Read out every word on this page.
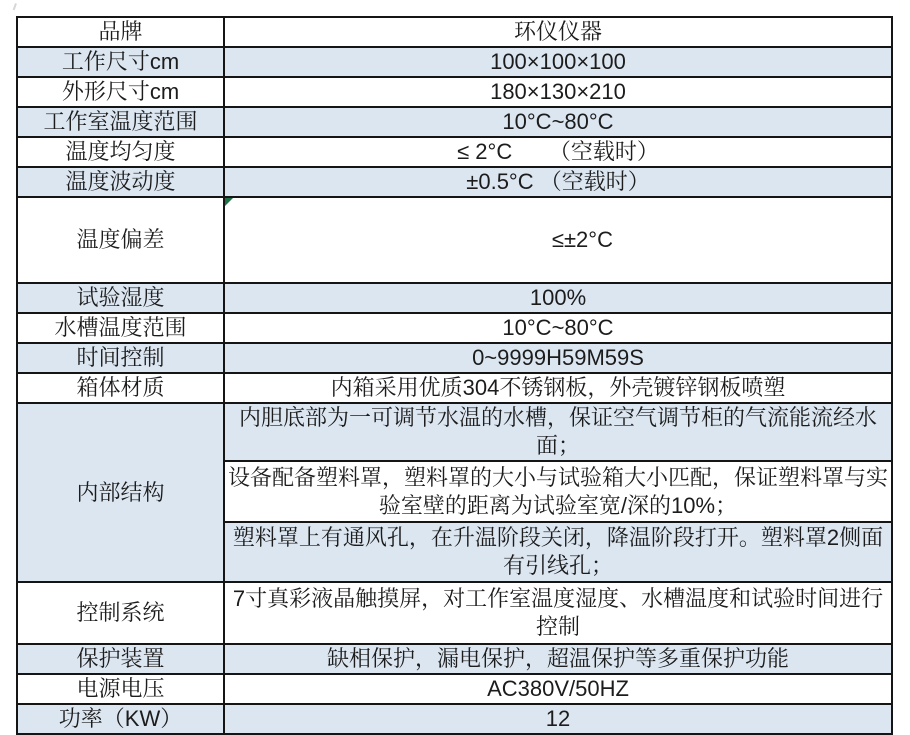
品牌	环仪仪器
工作尺寸cm	100×100×100
外形尺寸cm	180×130×210
工作室温度范围	10°C~80°C
温度均匀度	≤ 2°C      （空载时）
温度波动度	±0.5°C （空载时）
温度偏差	≤±2°C

试验湿度	100%
水槽温度范围	10°C~80°C
时间控制	0~9999H59M59S
箱体材质	内箱采用优质304不锈钢板，外壳镀锌钢板喷塑
内部结构	内胆底部为一可调节水温的水槽，保证空气调节柜的气流能流经水面；
	设备配备塑料罩，塑料罩的大小与试验箱大小匹配，保证塑料罩与实验室壁的距离为试验室宽/深的10%；
	塑料罩上有通风孔，在升温阶段关闭，降温阶段打开。塑料罩2侧面有引线孔；
控制系统	7寸真彩液晶触摸屏，对工作室温度湿度、水槽温度和试验时间进行控制
保护装置	缺相保护，漏电保护，超温保护等多重保护功能
电源电压	AC380V/50HZ
功率（KW）	12
